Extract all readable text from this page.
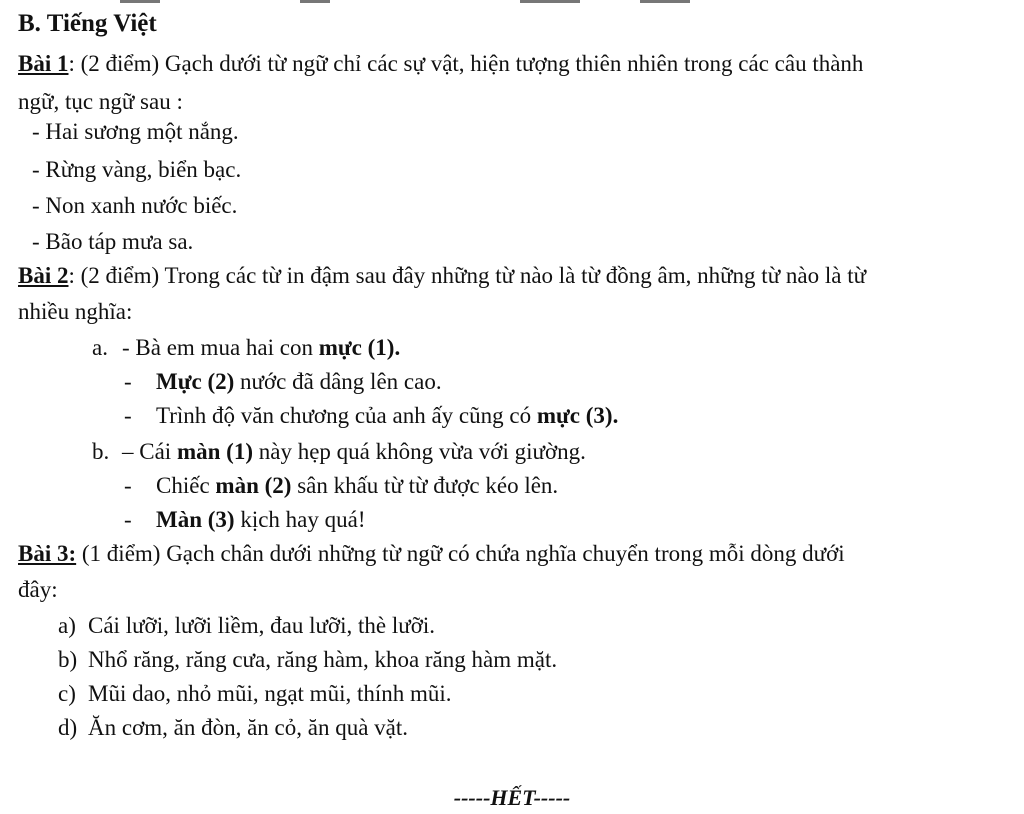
B. Tiếng Việt
Bài 1: (2 điểm) Gạch dưới từ ngữ chỉ các sự vật, hiện tượng thiên nhiên trong các câu thành
ngữ, tục ngữ sau :
- Hai sương một nắng.
- Rừng vàng, biển bạc.
- Non xanh nước biếc.
- Bão táp mưa sa.
Bài 2: (2 điểm) Trong các từ in đậm sau đây những từ nào là từ đồng âm, những từ nào là từ
nhiều nghĩa:
a. - Bà em mua hai con mực (1).
- Mực (2) nước đã dâng lên cao.
- Trình độ văn chương của anh ấy cũng có mực (3).
b. – Cái màn (1) này hẹp quá không vừa với giường.
- Chiếc màn (2) sân khấu từ từ được kéo lên.
- Màn (3) kịch hay quá!
Bài 3: (1 điểm) Gạch chân dưới những từ ngữ có chứa nghĩa chuyển trong mỗi dòng dưới
đây:
a) Cái lưỡi, lưỡi liềm, đau lưỡi, thè lưỡi.
b) Nhổ răng, răng cưa, răng hàm, khoa răng hàm mặt.
c) Mũi dao, nhỏ mũi, ngạt mũi, thính mũi.
d) Ăn cơm, ăn đòn, ăn cỏ, ăn quà vặt.
-----HẾT-----
